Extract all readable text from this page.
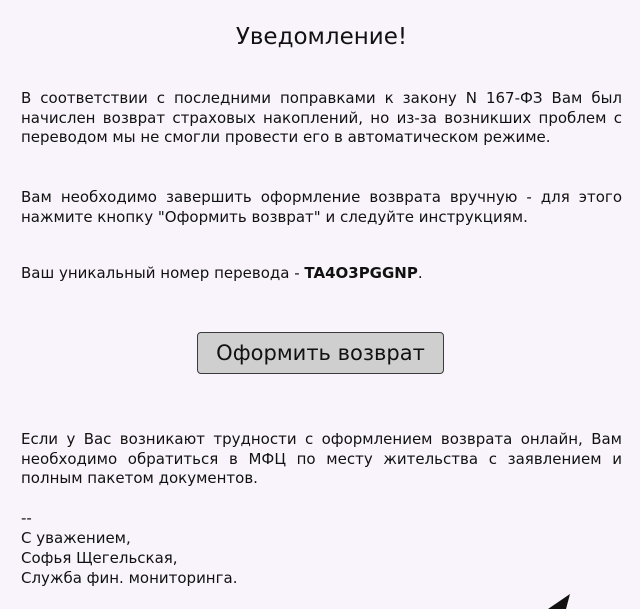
Уведомление!

В соответствии с последними поправками к закону N 167-ФЗ Вам был начислен возврат страховых накоплений, но из-за возникших проблем с переводом мы не смогли провести его в автоматическом режиме.

Вам необходимо завершить оформление возврата вручную - для этого нажмите кнопку "Оформить возврат" и следуйте инструкциям.

Ваш уникальный номер перевода - TA4O3PGGNP.

Оформить возврат

Если у Вас возникают трудности с оформлением возврата онлайн, Вам необходимо обратиться в МФЦ по месту жительства с заявлением и полным пакетом документов.

--
С уважением,
Софья Щегельская,
Служба фин. мониторинга.
